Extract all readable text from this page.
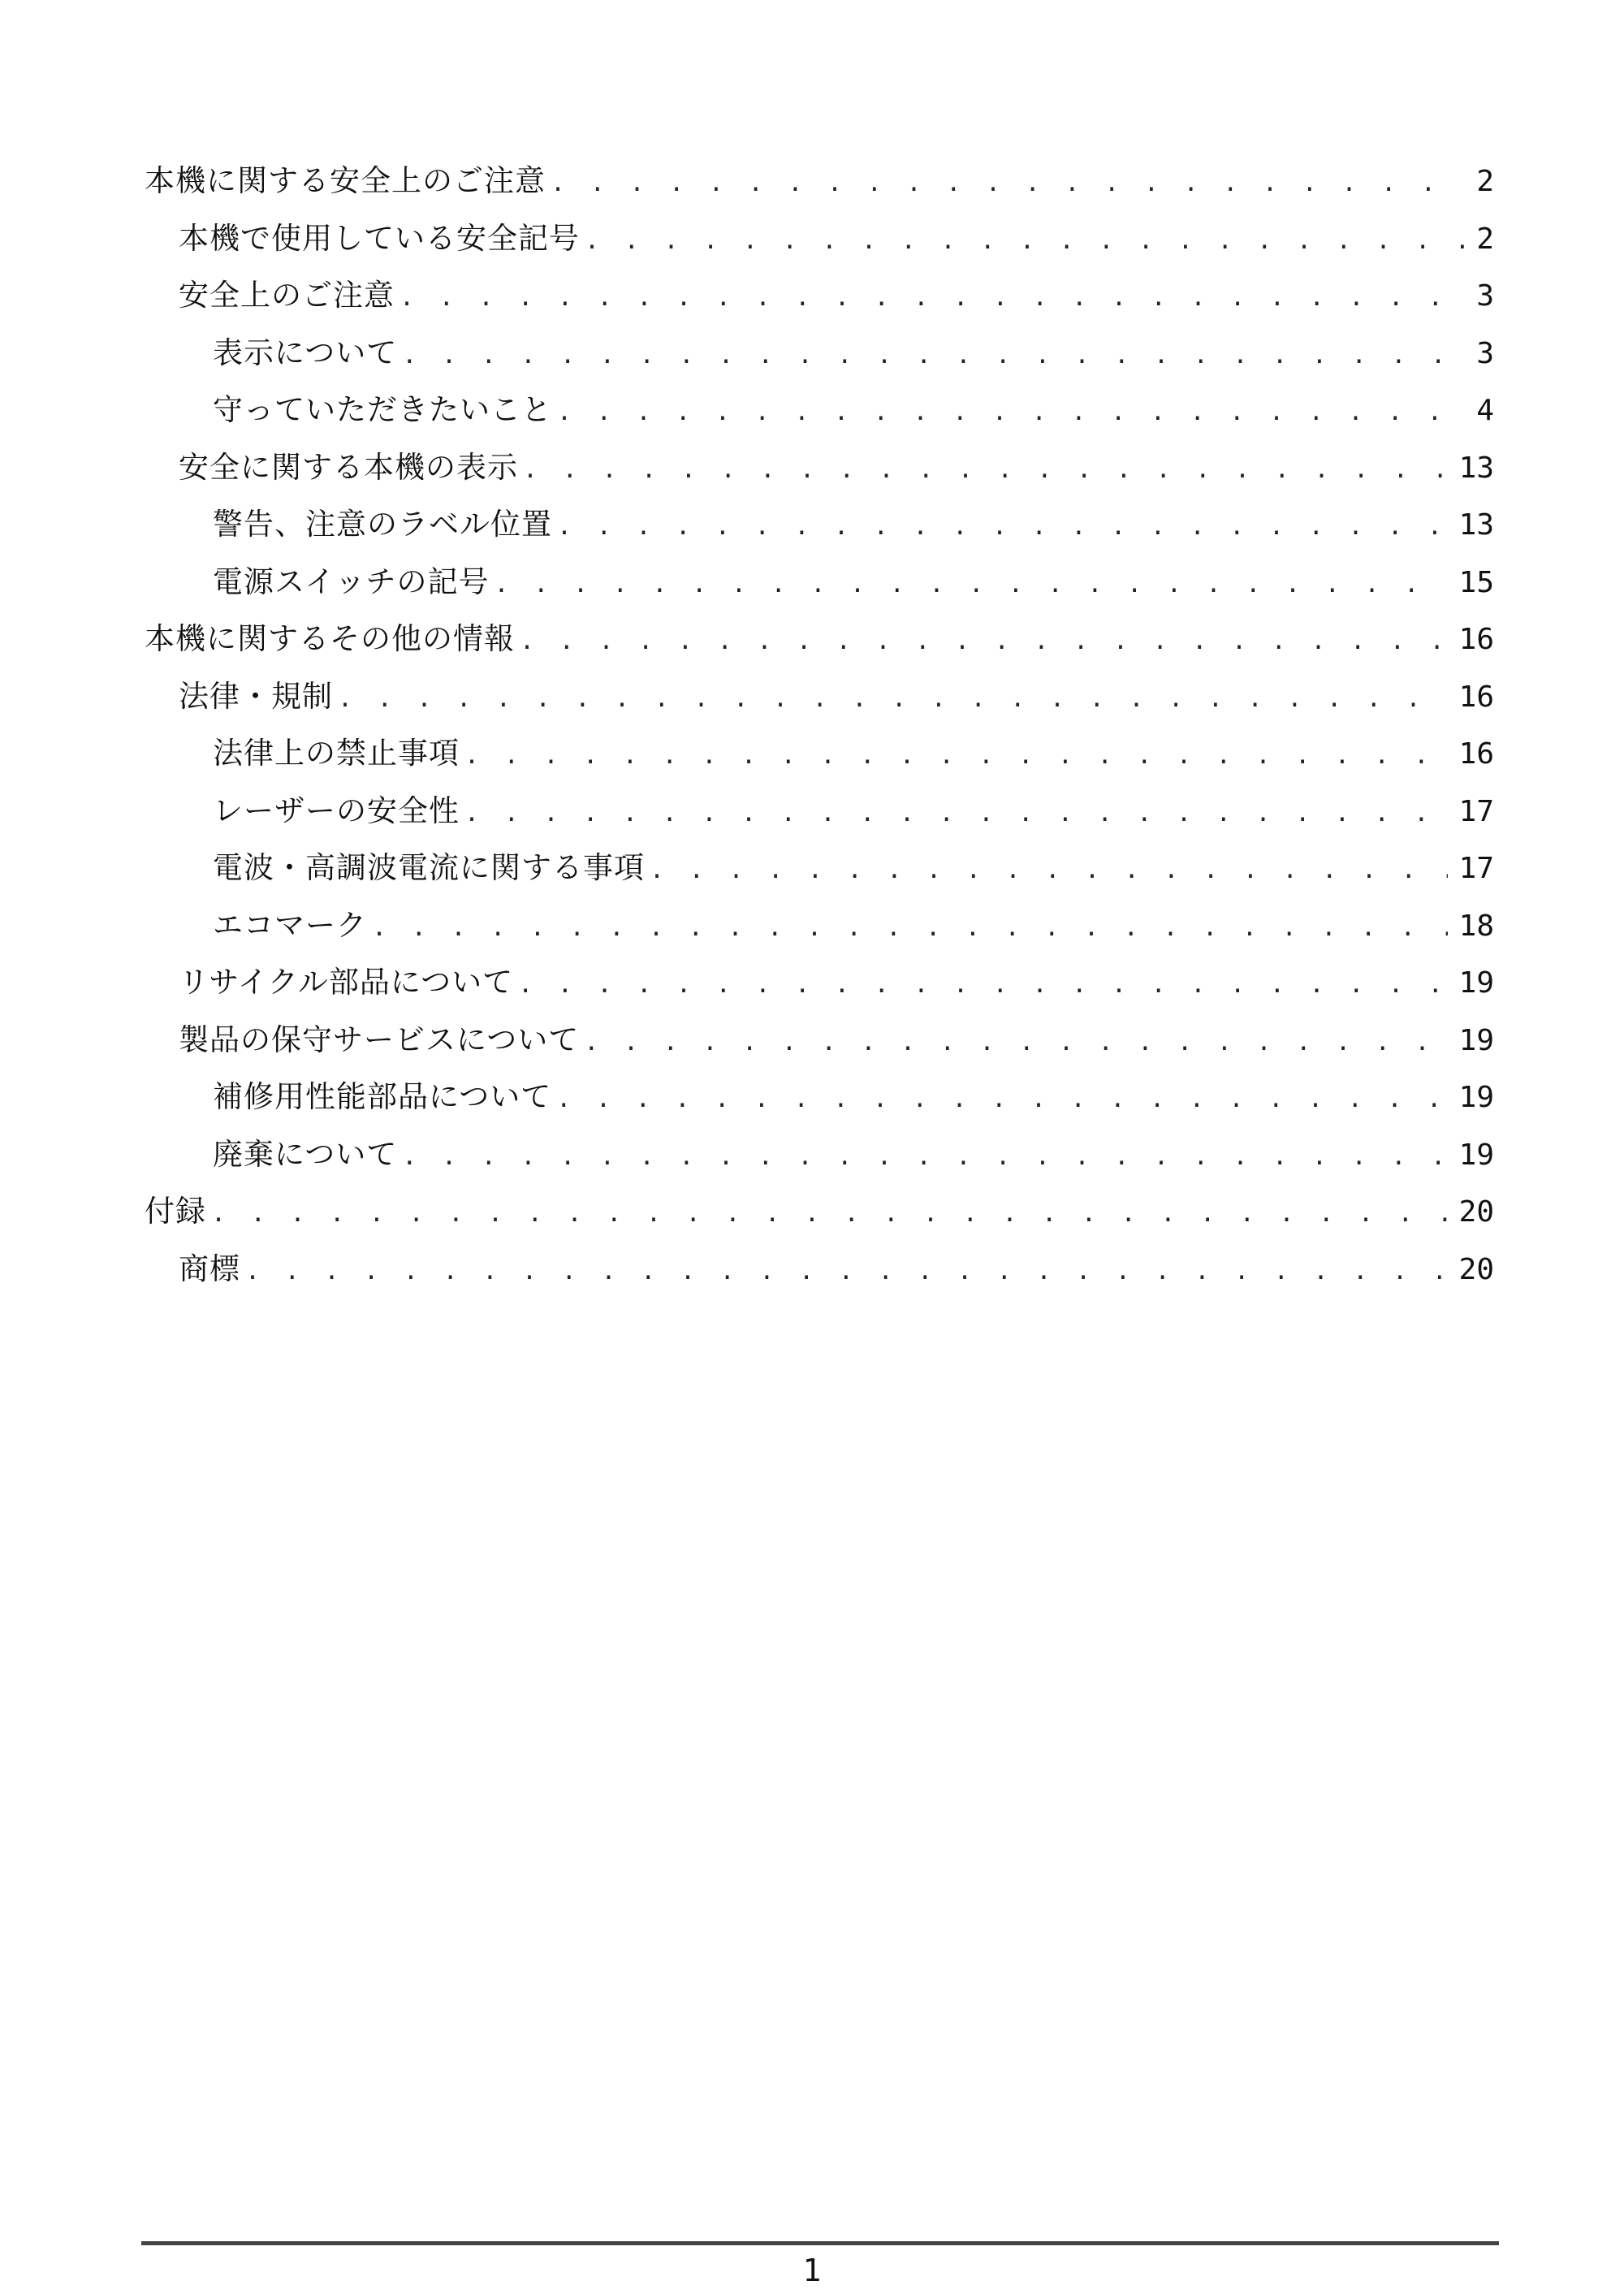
本機に関する安全上のご注意 . . .	2
本機で使用している安全記号 . . .	2
安全上のご注意 . . .	3
表示について . . .	3
守っていただきたいこと . . .	4
安全に関する本機の表示 . . .	13
警告、注意のラベル位置 . . .	13
電源スイッチの記号 . . .	15
本機に関するその他の情報 . . .	16
法律・規制 . . .	16
法律上の禁止事項 . . .	16
レーザーの安全性 . . .	17
電波・高調波電流に関する事項 . . .	17
エコマーク . . .	18
リサイクル部品について . . .	19
製品の保守サービスについて . . .	19
補修用性能部品について . . .	19
廃棄について . . .	19
付録 . . .	20
商標 . . .	20
1
